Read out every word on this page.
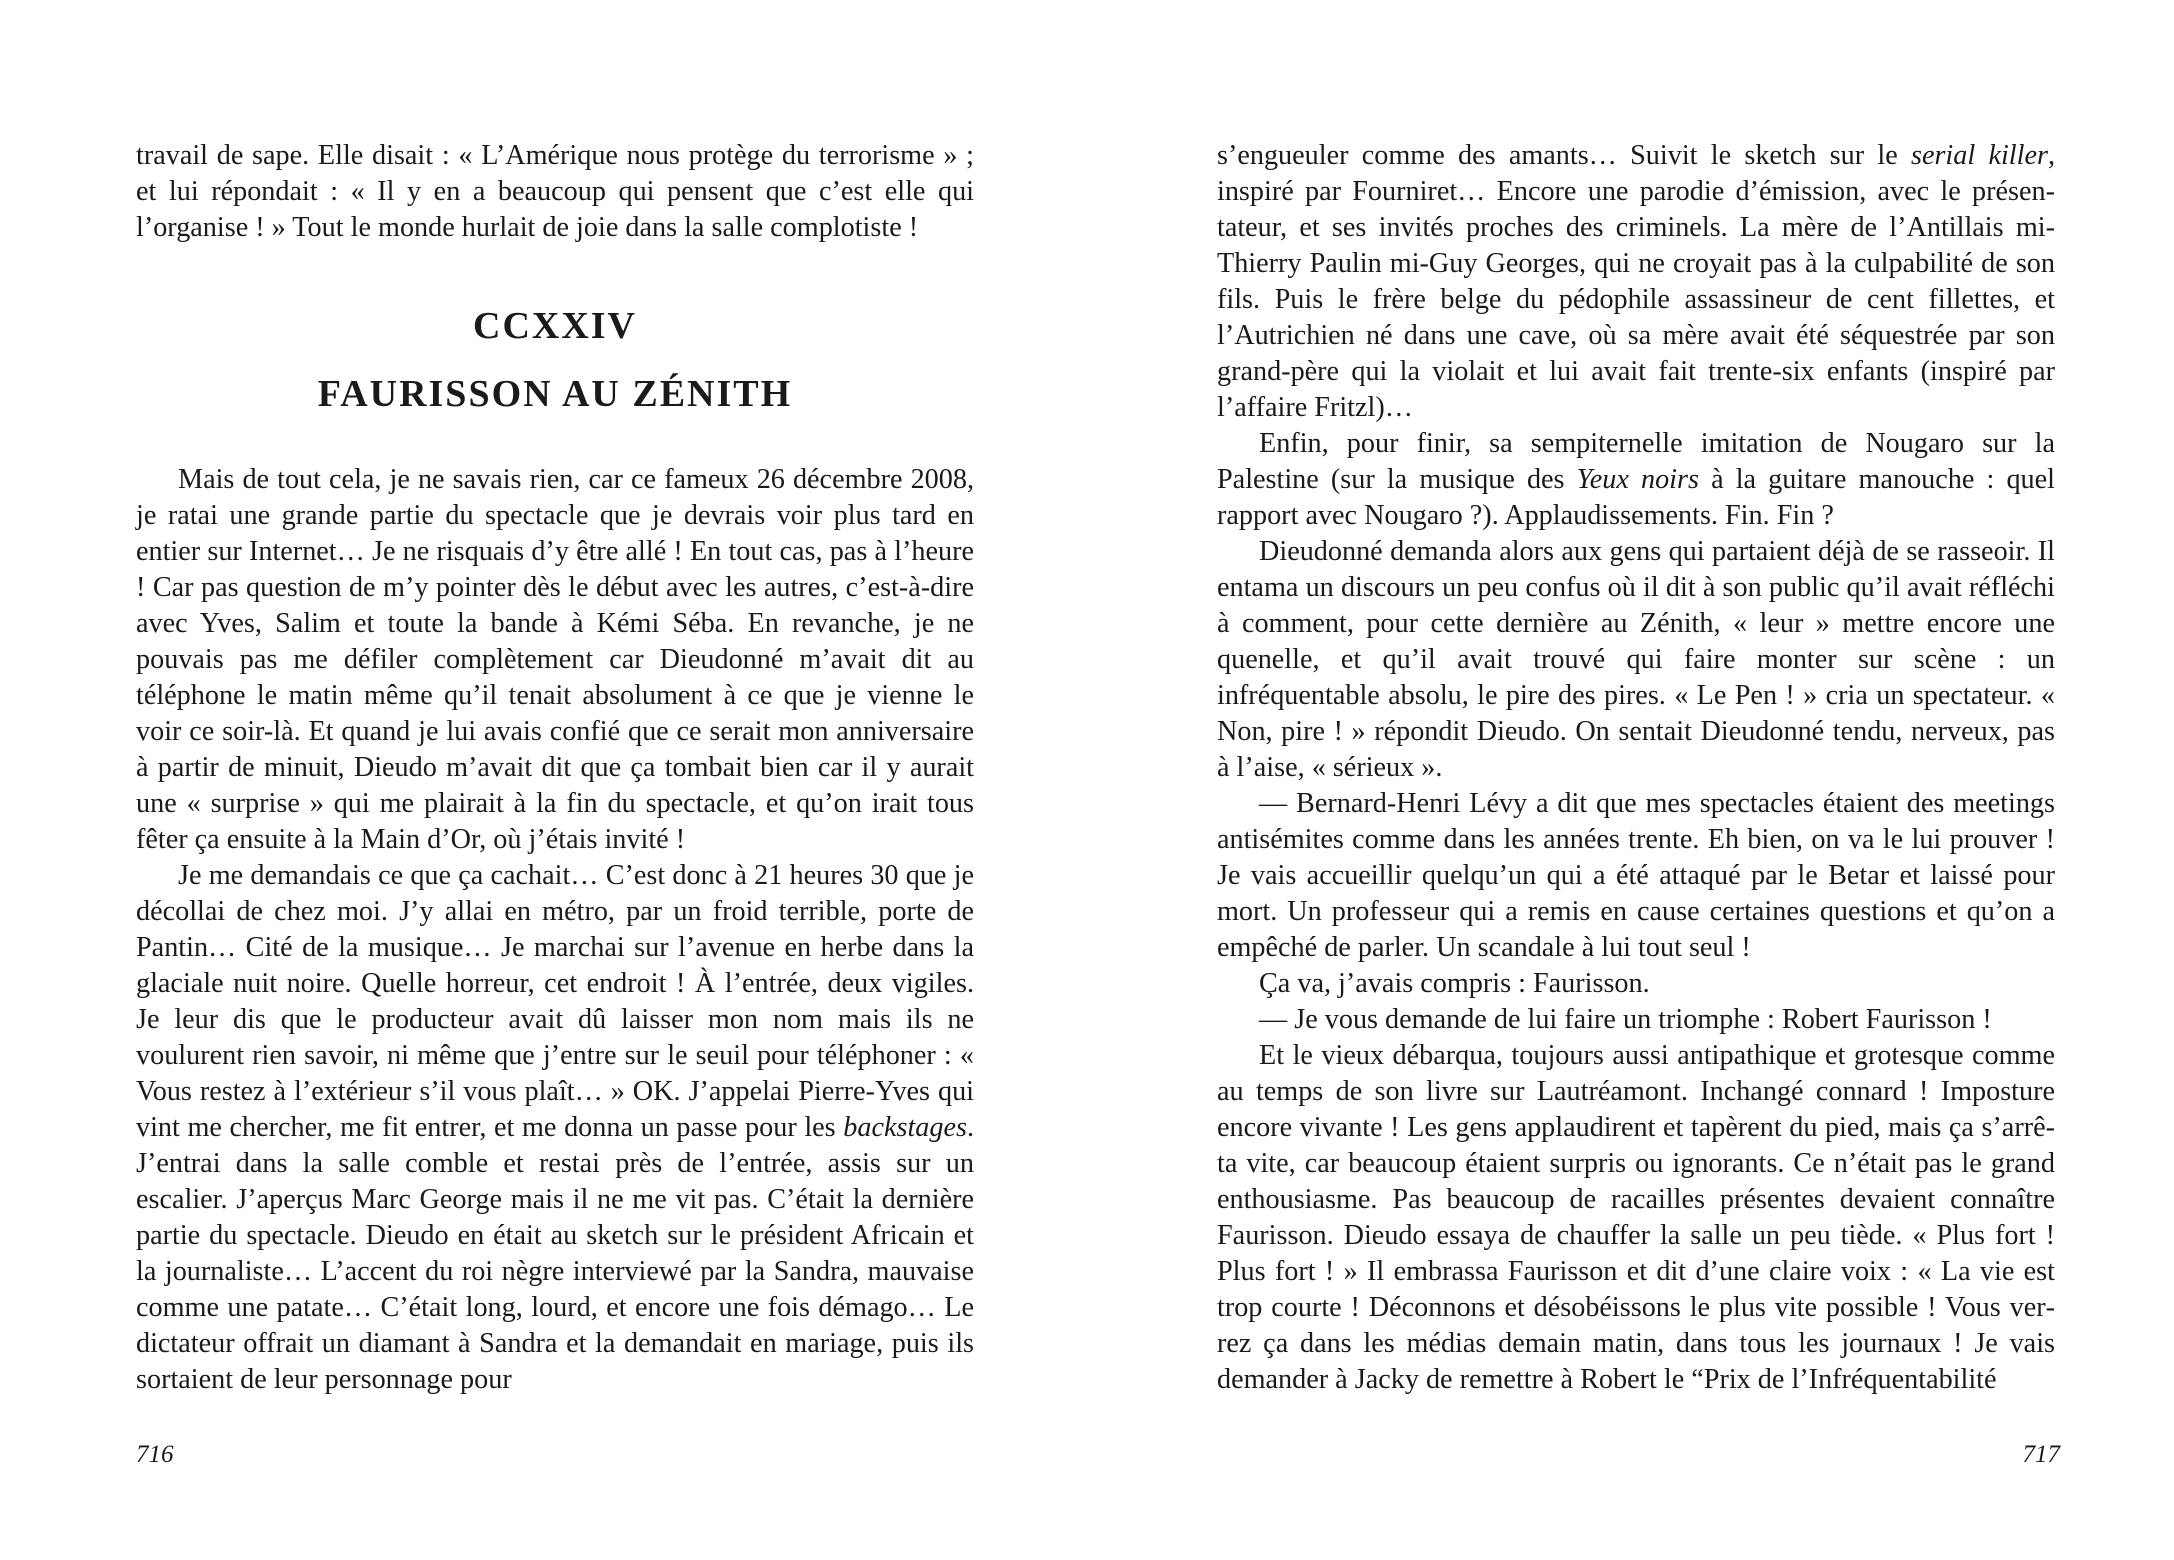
travail de sape. Elle disait : « L’Amérique nous protège du terrorisme » ; et lui répondait : « Il y en a beaucoup qui pensent que c’est elle qui l’organise ! » Tout le monde hurlait de joie dans la salle complotiste !

CCXXIV
FAURISSON AU ZÉNITH

Mais de tout cela, je ne savais rien, car ce fameux 26 décembre 2008, je ratai une grande partie du spectacle que je devrais voir plus tard en entier sur Internet… Je ne risquais d’y être allé ! En tout cas, pas à l’heure ! Car pas question de m’y pointer dès le début avec les autres, c’est-à-dire avec Yves, Salim et toute la bande à Kémi Séba. En revanche, je ne pouvais pas me défiler complètement car Dieudonné m’avait dit au téléphone le matin même qu’il tenait absolument à ce que je vienne le voir ce soir-là. Et quand je lui avais confié que ce serait mon anniversaire à partir de minuit, Dieudo m’avait dit que ça tombait bien car il y aurait une « surprise » qui me plairait à la fin du spectacle, et qu’on irait tous fêter ça ensuite à la Main d’Or, où j’étais invité !

Je me demandais ce que ça cachait… C’est donc à 21 heures 30 que je décollai de chez moi. J’y allai en métro, par un froid terrible, porte de Pantin… Cité de la musique… Je marchai sur l’avenue en herbe dans la glaciale nuit noire. Quelle horreur, cet endroit ! À l’entrée, deux vigiles. Je leur dis que le producteur avait dû laisser mon nom mais ils ne voulurent rien savoir, ni même que j’entre sur le seuil pour téléphoner : « Vous restez à l’extérieur s’il vous plaît… » OK. J’appelai Pierre-Yves qui vint me chercher, me fit entrer, et me donna un passe pour les backstages. J’entrai dans la salle comble et restai près de l’entrée, assis sur un escalier. J’aperçus Marc George mais il ne me vit pas. C’était la dernière partie du spectacle. Dieudo en était au sketch sur le président Africain et la journaliste… L’accent du roi nègre interviewé par la Sandra, mauvaise comme une patate… C’était long, lourd, et encore une fois démago… Le dictateur offrait un diamant à Sandra et la demandait en mariage, puis ils sortaient de leur personnage pour

716

s’engueuler comme des amants… Suivit le sketch sur le serial killer, inspiré par Fourniret… Encore une parodie d’émission, avec le présentateur, et ses invités proches des criminels. La mère de l’Antillais mi-Thierry Paulin mi-Guy Georges, qui ne croyait pas à la culpabilité de son fils. Puis le frère belge du pédophile assassineur de cent fillettes, et l’Autrichien né dans une cave, où sa mère avait été séquestrée par son grand-père qui la violait et lui avait fait trente-six enfants (inspiré par l’affaire Fritzl)…

Enfin, pour finir, sa sempiternelle imitation de Nougaro sur la Palestine (sur la musique des Yeux noirs à la guitare manouche : quel rapport avec Nougaro ?). Applaudissements. Fin. Fin ?

Dieudonné demanda alors aux gens qui partaient déjà de se rasseoir. Il entama un discours un peu confus où il dit à son public qu’il avait réfléchi à comment, pour cette dernière au Zénith, « leur » mettre encore une quenelle, et qu’il avait trouvé qui faire monter sur scène : un infréquentable absolu, le pire des pires. « Le Pen ! » cria un spectateur. « Non, pire ! » répondit Dieudo. On sentait Dieudonné tendu, nerveux, pas à l’aise, « sérieux ».

— Bernard-Henri Lévy a dit que mes spectacles étaient des meetings antisémites comme dans les années trente. Eh bien, on va le lui prouver ! Je vais accueillir quelqu’un qui a été attaqué par le Betar et laissé pour mort. Un professeur qui a remis en cause certaines questions et qu’on a empêché de parler. Un scandale à lui tout seul !

Ça va, j’avais compris : Faurisson.

— Je vous demande de lui faire un triomphe : Robert Faurisson !

Et le vieux débarqua, toujours aussi antipathique et grotesque comme au temps de son livre sur Lautréamont. Inchangé connard ! Imposture encore vivante ! Les gens applaudirent et tapèrent du pied, mais ça s’arrêta vite, car beaucoup étaient surpris ou ignorants. Ce n’était pas le grand enthousiasme. Pas beaucoup de racailles présentes devaient connaître Faurisson. Dieudo essaya de chauffer la salle un peu tiède. « Plus fort ! Plus fort ! » Il embrassa Faurisson et dit d’une claire voix : « La vie est trop courte ! Déconnons et désobéissons le plus vite possible ! Vous verrez ça dans les médias demain matin, dans tous les journaux ! Je vais demander à Jacky de remettre à Robert le “Prix de l’Infréquentabilité

717
